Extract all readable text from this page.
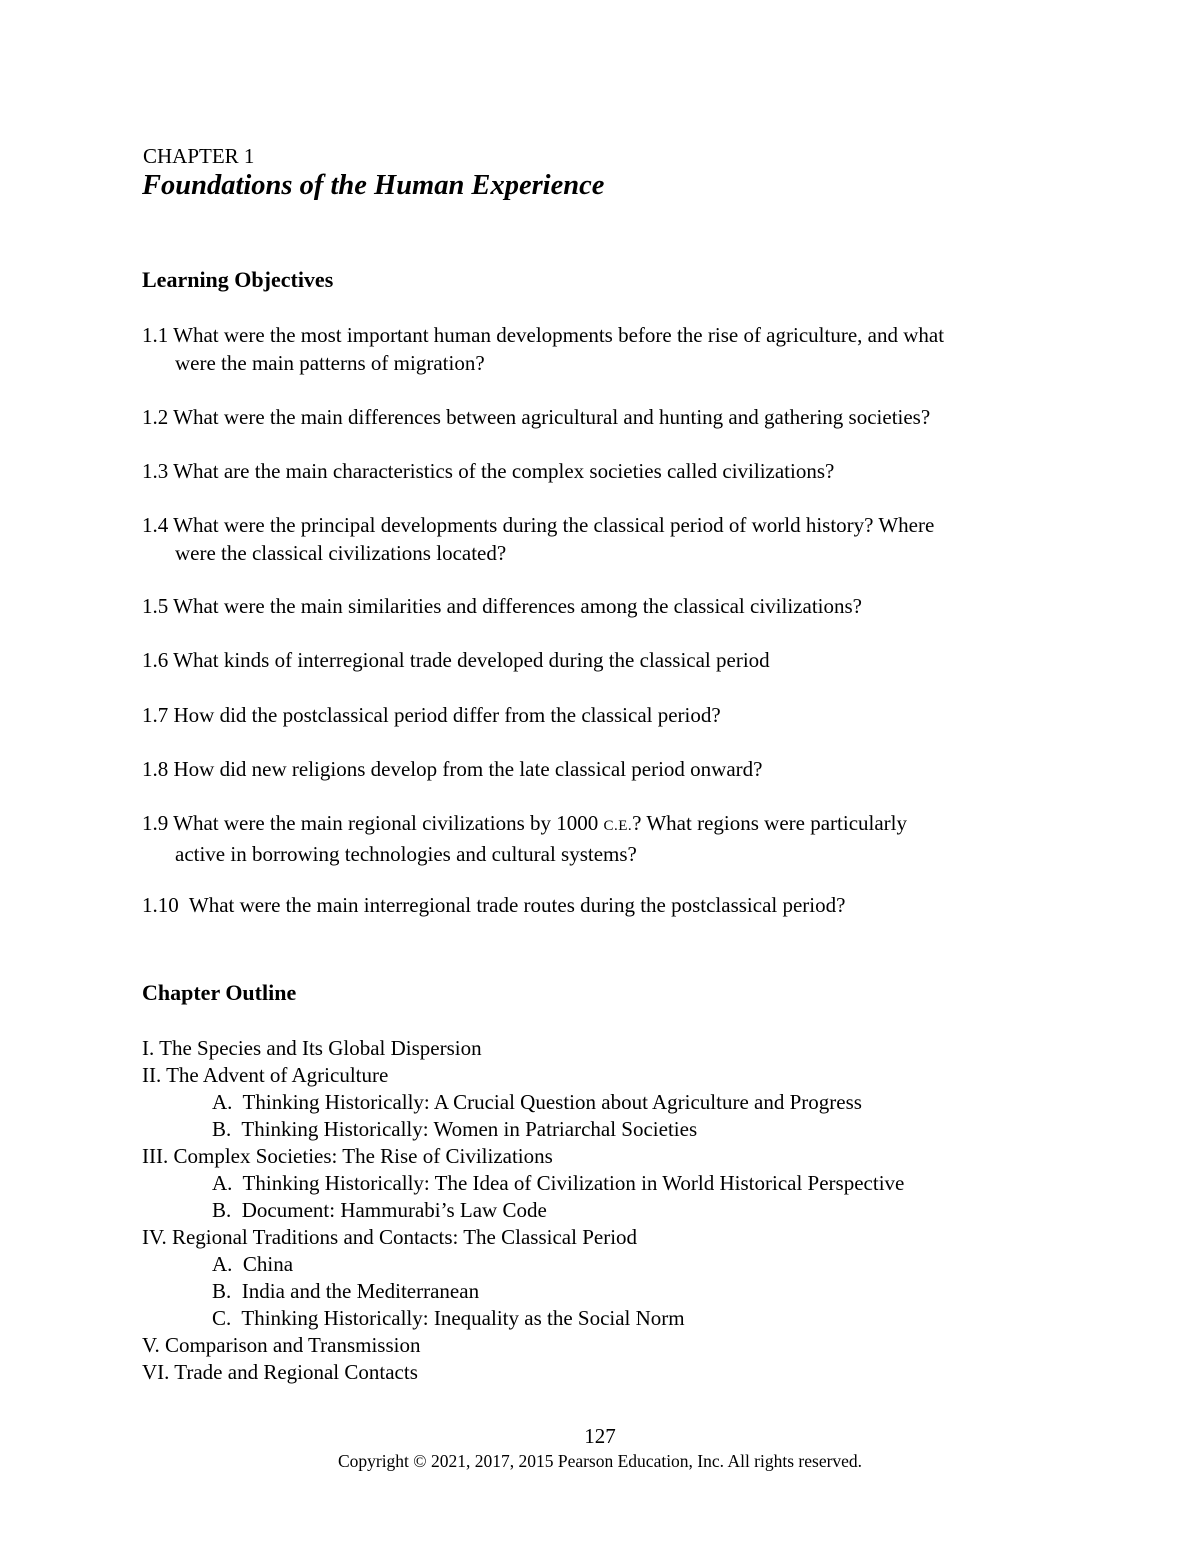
CHAPTER 1
Foundations of the Human Experience
Learning Objectives
1.1 What were the most important human developments before the rise of agriculture, and what
were the main patterns of migration?
1.2 What were the main differences between agricultural and hunting and gathering societies?
1.3 What are the main characteristics of the complex societies called civilizations?
1.4 What were the principal developments during the classical period of world history? Where
were the classical civilizations located?
1.5 What were the main similarities and differences among the classical civilizations?
1.6 What kinds of interregional trade developed during the classical period
1.7 How did the postclassical period differ from the classical period?
1.8 How did new religions develop from the late classical period onward?
1.9 What were the main regional civilizations by 1000 C.E.? What regions were particularly
active in borrowing technologies and cultural systems?
1.10  What were the main interregional trade routes during the postclassical period?
Chapter Outline
I. The Species and Its Global Dispersion
II. The Advent of Agriculture
A.  Thinking Historically: A Crucial Question about Agriculture and Progress
B.  Thinking Historically: Women in Patriarchal Societies
III. Complex Societies: The Rise of Civilizations
A.  Thinking Historically: The Idea of Civilization in World Historical Perspective
B.  Document: Hammurabi’s Law Code
IV. Regional Traditions and Contacts: The Classical Period
A.  China
B.  India and the Mediterranean
C.  Thinking Historically: Inequality as the Social Norm
V. Comparison and Transmission
VI. Trade and Regional Contacts
127
Copyright © 2021, 2017, 2015 Pearson Education, Inc. All rights reserved.
